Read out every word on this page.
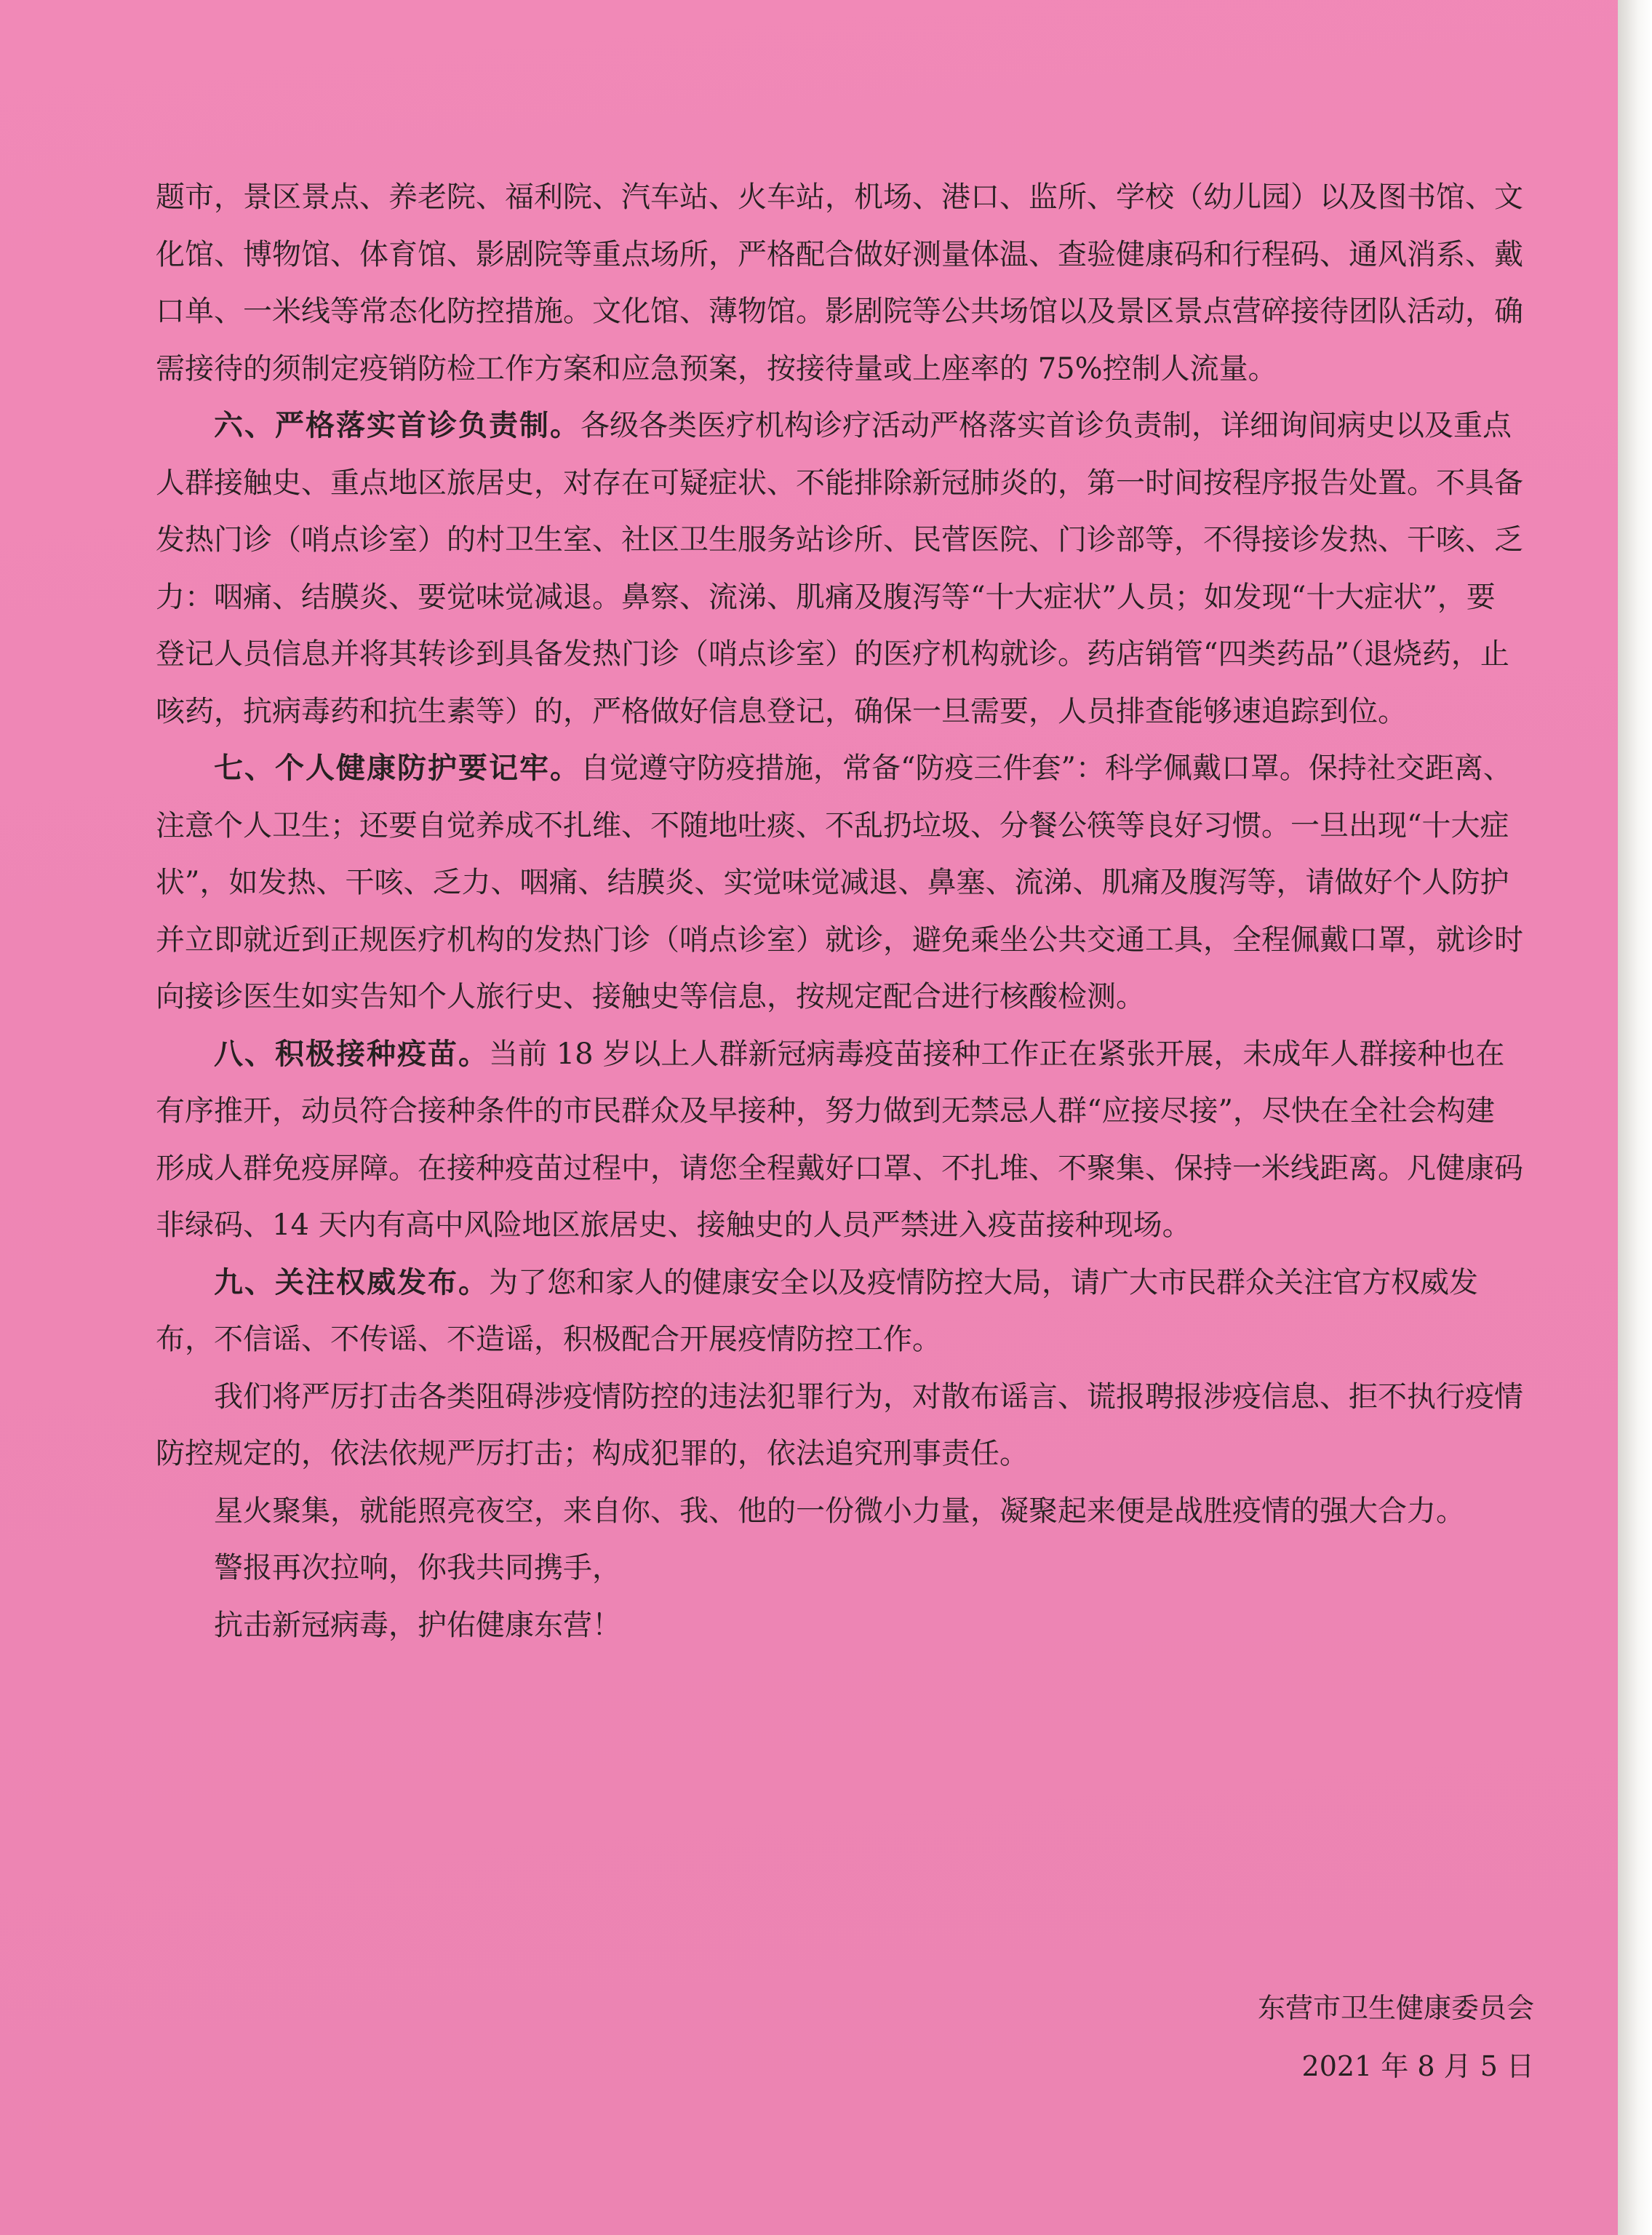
题市，景区景点、养老院、福利院、汽车站、火车站，机场、港口、监所、学校（幼儿园）以及图书馆、文化馆、博物馆、体育馆、影剧院等重点场所，严格配合做好测量体温、查验健康码和行程码、通风消系、戴口单、一米线等常态化防控措施。文化馆、薄物馆。影剧院等公共场馆以及景区景点营碎接待团队活动，确需接待的须制定疫销防检工作方案和应急预案，按接待量或上座率的 75%控制人流量。

六、严格落实首诊负责制。各级各类医疗机构诊疗活动严格落实首诊负责制，详细询间病史以及重点人群接触史、重点地区旅居史，对存在可疑症状、不能排除新冠肺炎的，第一时间按程序报告处置。不具备发热门诊（哨点诊室）的村卫生室、社区卫生服务站诊所、民菅医院、门诊部等，不得接诊发热、干咳、乏力：咽痛、结膜炎、要觉味觉减退。鼻察、流涕、肌痛及腹泻等“十大症状”人员；如发现“十大症状”，要登记人员信息并将其转诊到具备发热门诊（哨点诊室）的医疗机构就诊。药店销管“四类药品”（退烧药，止咳药，抗病毒药和抗生素等）的，严格做好信息登记，确保一旦需要，人员排查能够速追踪到位。

七、个人健康防护要记牢。自觉遵守防疫措施，常备“防疫三件套”：科学佩戴口罩。保持社交距离、注意个人卫生；还要自觉养成不扎维、不随地吐痰、不乱扔垃圾、分餐公筷等良好习惯。一旦出现“十大症状”，如发热、干咳、乏力、咽痛、结膜炎、实觉味觉减退、鼻塞、流涕、肌痛及腹泻等，请做好个人防护并立即就近到正规医疗机构的发热门诊（哨点诊室）就诊，避免乘坐公共交通工具，全程佩戴口罩，就诊时向接诊医生如实告知个人旅行史、接触史等信息，按规定配合进行核酸检测。

八、积极接种疫苗。当前 18 岁以上人群新冠病毒疫苗接种工作正在紧张开展，未成年人群接种也在有序推开，动员符合接种条件的市民群众及早接种，努力做到无禁忌人群“应接尽接”，尽快在全社会构建形成人群免疫屏障。在接种疫苗过程中，请您全程戴好口罩、不扎堆、不聚集、保持一米线距离。凡健康码非绿码、14 天内有高中风险地区旅居史、接触史的人员严禁进入疫苗接种现场。

九、关注权威发布。为了您和家人的健康安全以及疫情防控大局，请广大市民群众关注官方权威发布，不信谣、不传谣、不造谣，积极配合开展疫情防控工作。

我们将严厉打击各类阻碍涉疫情防控的违法犯罪行为，对散布谣言、谎报聘报涉疫信息、拒不执行疫情防控规定的，依法依规严厉打击；构成犯罪的，依法追究刑事责任。

星火聚集，就能照亮夜空，来自你、我、他的一份微小力量，凝聚起来便是战胜疫情的强大合力。

警报再次拉响，你我共同携手，

抗击新冠病毒，护佑健康东营！

东营市卫生健康委员会
2021 年 8 月 5 日
